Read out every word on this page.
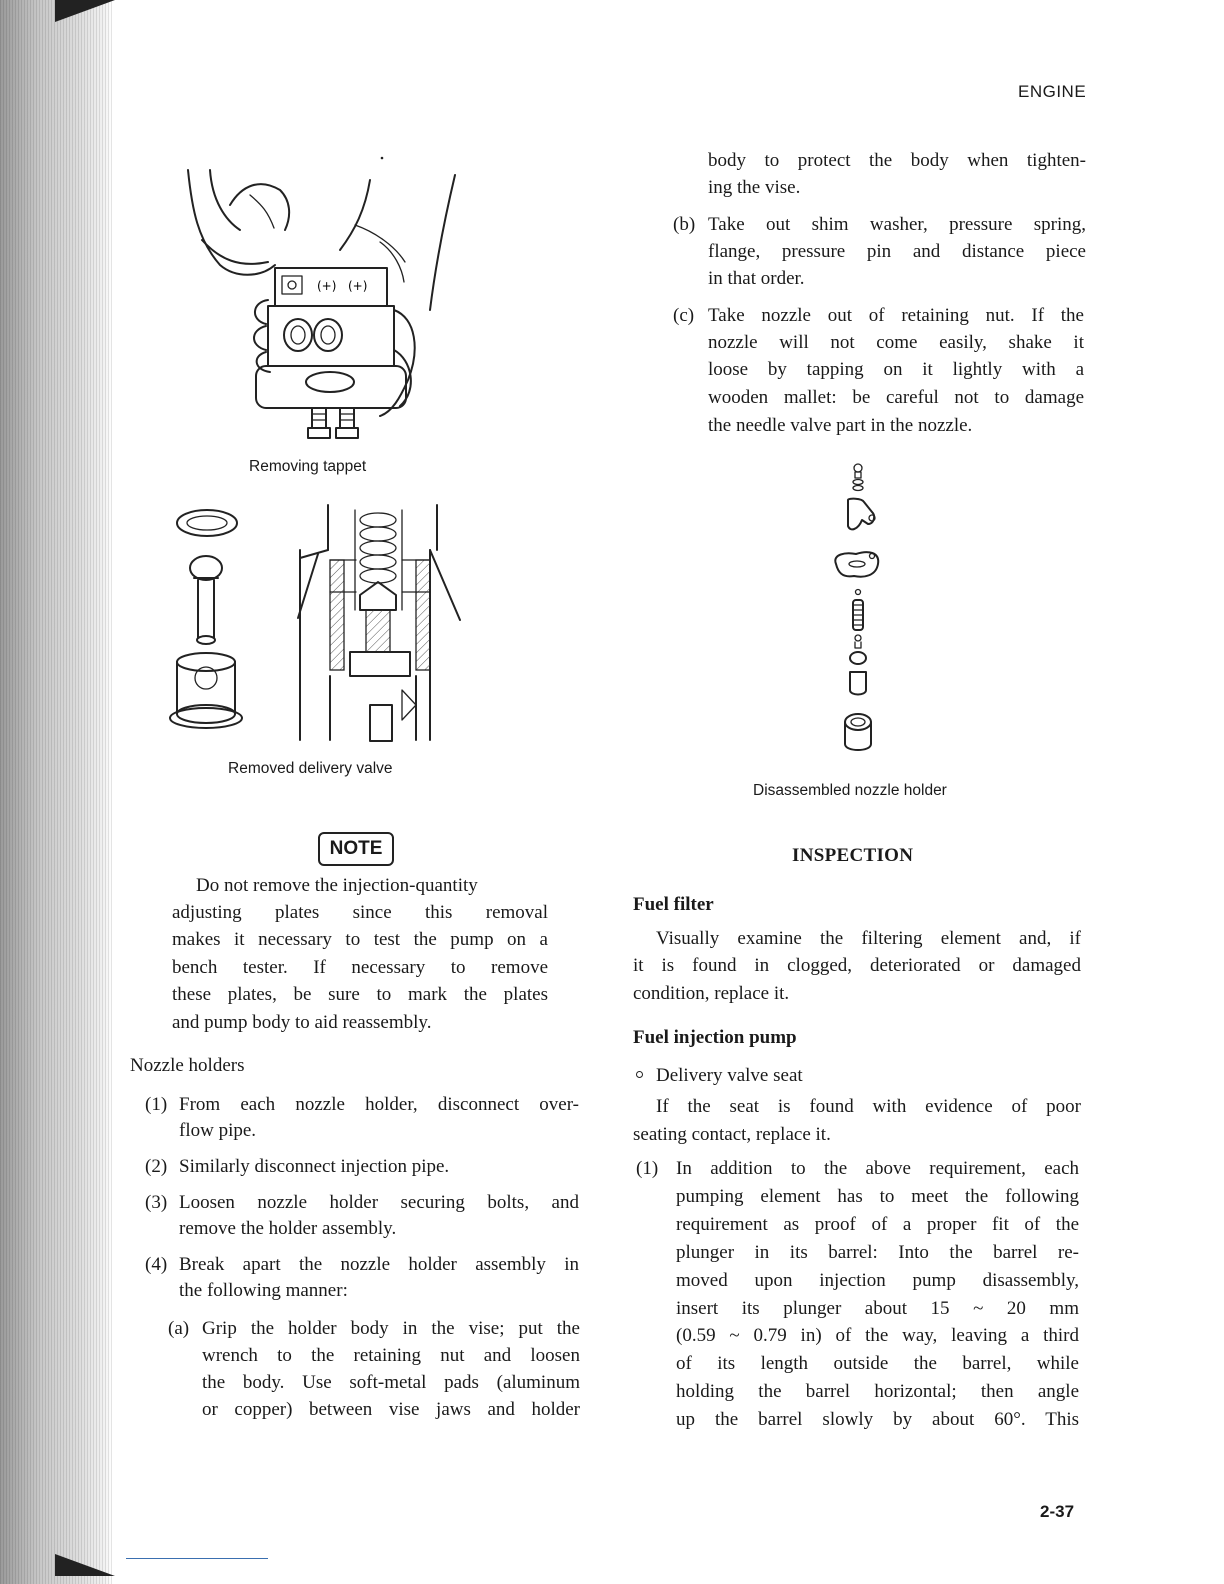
ENGINE
2-37
(+) (+)
Removing tappet
Removed delivery valve
Disassembled nozzle holder
NOTE
Do not remove the injection-quantity
adjusting plates since this removal
makes it necessary to test the pump on a
bench tester. If necessary to remove
these plates, be sure to mark the plates
and pump body to aid reassembly.
Nozzle holders
(1) From each nozzle holder, disconnect over-
flow pipe.
(2) Similarly disconnect injection pipe.
(3) Loosen nozzle holder securing bolts, and
remove the holder assembly.
(4) Break apart the nozzle holder assembly in
the following manner:
(a) Grip the holder body in the vise; put the
wrench to the retaining nut and loosen
the body. Use soft-metal pads (aluminum
or copper) between vise jaws and holder
body to protect the body when tighten-
ing the vise.
(b) Take out shim washer, pressure spring,
flange, pressure pin and distance piece
in that order.
(c) Take nozzle out of retaining nut. If the
nozzle will not come easily, shake it
loose by tapping on it lightly with a
wooden mallet: be careful not to damage
the needle valve part in the nozzle.
INSPECTION
Fuel filter
Visually examine the filtering element and, if
it is found in clogged, deteriorated or damaged
condition, replace it.
Fuel injection pump
Delivery valve seat
If the seat is found with evidence of poor
seating contact, replace it.
(1) In addition to the above requirement, each
pumping element has to meet the following
requirement as proof of a proper fit of the
plunger in its barrel: Into the barrel re-
moved upon injection pump disassembly,
insert its plunger about 15 ~ 20 mm
(0.59 ~ 0.79 in) of the way, leaving a third
of its length outside the barrel, while
holding the barrel horizontal; then angle
up the barrel slowly by about 60°. This
